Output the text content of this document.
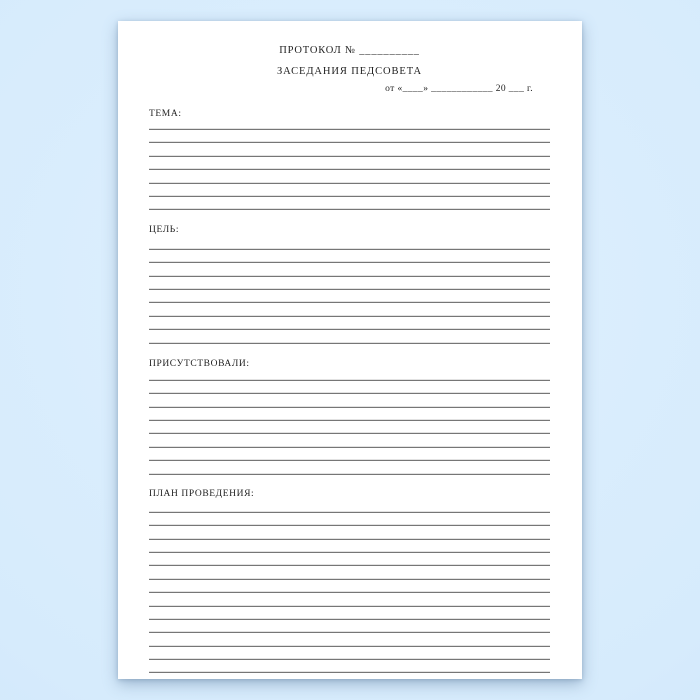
ПРОТОКОЛ № __________
ЗАСЕДАНИЯ ПЕДСОВЕТА
от «____» ____________ 20 ___ г.
ТЕМА:
ЦЕЛЬ:
ПРИСУТСТВОВАЛИ:
ПЛАН ПРОВЕДЕНИЯ:
